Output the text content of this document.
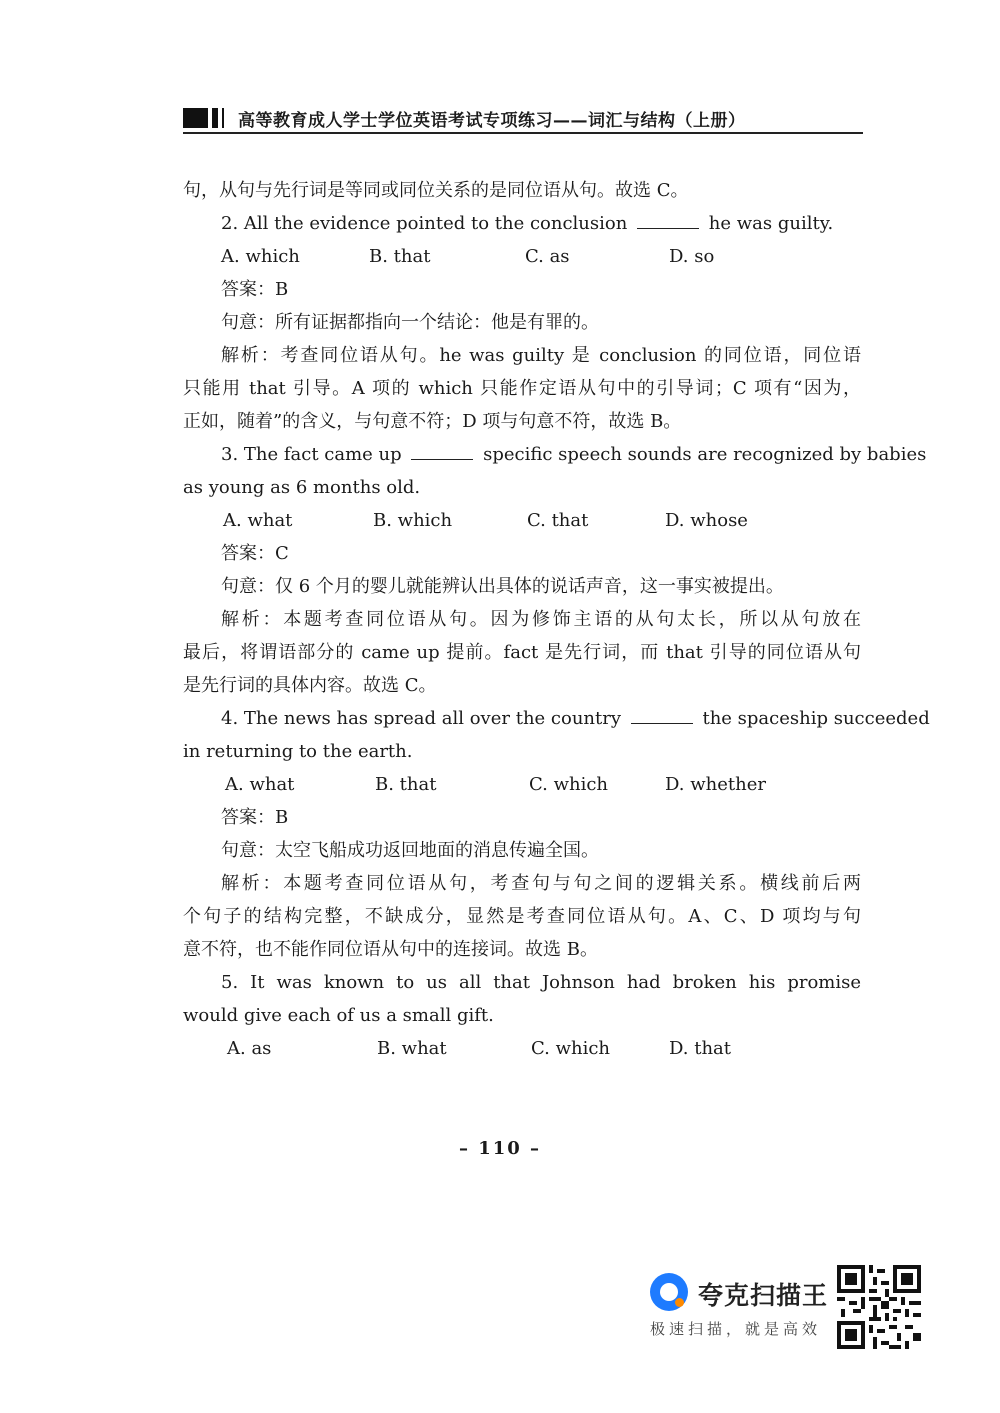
高等教育成人学士学位英语考试专项练习——词汇与结构（上册）
句，从句与先行词是等同或同位关系的是同位语从句。故选 C。
2. All the evidence pointed to the conclusion	he was guilty.
A. which	B. that	C. as	D. so
答案：B
句意：所有证据都指向一个结论：他是有罪的。
解析：考查同位语从句。he was guilty 是 conclusion 的同位语，同位语
只能用 that 引导。A 项的 which 只能作定语从句中的引导词；C 项有“因为，
正如，随着”的含义，与句意不符；D 项与句意不符，故选 B。
3. The fact came up	specific speech sounds are recognized by babies
as young as 6 months old.
A. what	B. which	C. that	D. whose
答案：C
句意：仅 6 个月的婴儿就能辨认出具体的说话声音，这一事实被提出。
解析：本题考查同位语从句。因为修饰主语的从句太长，所以从句放在
最后，将谓语部分的 came up 提前。fact 是先行词，而 that 引导的同位语从句
是先行词的具体内容。故选 C。
4. The news has spread all over the country	the spaceship succeeded
in returning to the earth.
A. what	B. that	C. which	D. whether
答案：B
句意：太空飞船成功返回地面的消息传遍全国。
解析：本题考查同位语从句，考查句与句之间的逻辑关系。横线前后两
个句子的结构完整，不缺成分，显然是考查同位语从句。A、C、D 项均与句
意不符，也不能作同位语从句中的连接词。故选 B。
5. It was known to us all that Johnson had broken his promise
would give each of us a small gift.
A. as	B. what	C. which	D. that
– 110 –
夸克扫描王
极速扫描，就是高效
